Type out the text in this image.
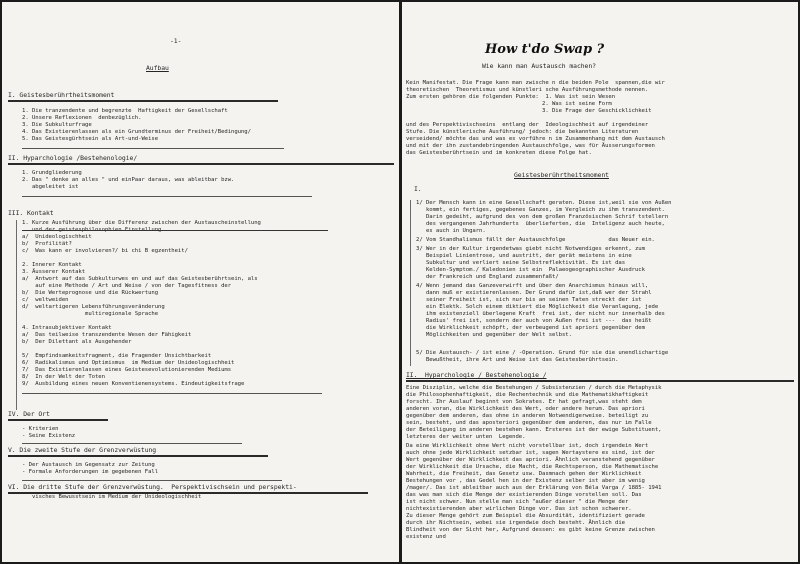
-1-
Aufbau
I. Geistesberührtheitsmoment
1. Die tranzendente und begrenzte  Haftigkeit der Gesellschaft
2. Unsere Reflexionen  denbezüglich.
3. Die Subkulturfrage
4. Das Existierenlassen als ein Grundterminus der Freiheit/Bedingung/
5. Das Geistesgürhtsein als Art-und-Weise
II. Hyparchologie /Bestehenologie/
1. Grundgliederung
2. Das " denke an alles " und einPaar daraus, was ableitbar bzw.
abgeleitet ist
III. Kontakt
1. Kurze Ausführung über die Differenz zwischen der Austauscheinstellung
a/  Unideologischheit
b/  Profilität?
c/  Was kann er involvieren?/ bi chi B egzentheit/
2. Innerer Kontakt
3. Äusserer Kontakt
a/  Antwort auf das Subkulturwes en und auf das Geistesberührtsein, als
auf eine Methode / Art und Weise / von der Tagesfitness der
b/  Die Werteprognose und die Rückwertung
c/  weltweiden
d/  weltartigeren Lebensführungsveränderung
multiregionale Sprache
4. Intrasubjektiver Kontakt
a/  Das teilweise transzendente Wesen der Fähigkeit
b/  Der Dilettant als Ausgehender
5/  Empfindsamkeitsfragment, die Fragender Unsichtbarkeit
6/  Radikalismus und Optimismus  im Medium der Unideologischheit
7/  Das Existierenlassen eines Geistesevolutionierenden Mediums
8/  In der Welt der Toten
9/  Ausbildung eines neuen Konventienensystems. Eindeutigkeitsfrage
IV. Der Ort
- Kriterien
- Seine Existenz
V. Die zweite Stufe der Grenzverwüstung
- Der Austausch im Gegensatz zur Zeitung
- Formale Anforderungen im gegebenen Fall
VI. Die dritte Stufe der Grenzverwüstung.  Perspektivischsein und perspekti-
visches Bewusstsein im Medium der Unideologischheit
How t'do Swap ?
Wie kann man Austausch machen?
Kein Manifestat. Die Frage kann man zwische n die beiden Pole  spannen,die wir
theoretischen  Theoretismus und künstleri sche Ausführungsmethode nennen.
Zum ersten gehören die folgenden Punkte:  1. Was ist sein Wesen
2. Was ist seine Form
3. Die Frage der Geschicklichkeit
und des Perspektivischseins  entlang der  Ideologischheit auf irgendeiner
Stufe. Die künstlerische Ausführung/ jedoch: die bekannten Literaturen
verseidend/ möchte das und was es vorführe n im Zusammenhang mit dem Austausch
und mit der ihn zustandebringenden Austauschfolge, was für Äusserungsformen
das Geistesberührtsein und im konkreten diese Folge hat.
Geistesberührtheitsmoment
I.
1/ Der Mensch kann in eine Gesellschaft geraten. Diese ist,weil sie von Außen
kommt, ein fertiges, gegebenes Ganzes, im Vergleich zu ihm transzendent.
Darin gedeiht, aufgrund des von dem großen Französischen Schrif tstellern
des vergangenen Jahrhunderts  überlieferten, die  Inteligenz auch heute,
es auch in Ungarn.
2/ Vom Standhalismus fällt der Austauschfolge             das Neuer ein.
3/ Wer in der Kultur irgendetwas giebt nicht Notwendiges erkennt, zum
Beispiel Linientrose, und austritt, der gerät meistens in eine
Subkultur und verliert seine Selbstreflektivität. Es ist das
Kelden-Symptom./ Kaledonien ist ein  Palaeogeographischer Ausdruck
der Frankreich und England zusammenfaßt/
4/ Wenn jemand das Ganzeverwirft und über den Anarchismus hinaus will,
dann muß er existierenlassen. Der Grund dafür ist,daß wer der Strahl
seiner Freiheit ist, sich nur bis an seinen Taten streckt der ist
ein Elektk. Solch einem diktiert die Möglichkeit die Veranlagung, jede
ihm existenziell überlegene Kraft  frei ist, der nicht nur innerhalb des
Radius' frei ist, sondern der auch von Außen frei ist ---  das heißt
die Wirklichkeit schöpft, der verbeugend ist apriori gegenüber dem
Möglichkeiten und gegenüber der Welt selbst.
5/ Die Austausch- / ist eine / -Operation. Grund für sie die unendlichartige
Bewußtheit, ihre Art und Weise ist das Geistesberührtsein.
II.  Hyparchologie / Bestehenologie /
Eine Disziplin, welche die Bestehungen / Subsistenzien / durch die Metaphysik
die Philosophenhaftigkeit, die Rechentechnik und die Mathematikhaftigkeit
forscht. Ihr Auslauf beginnt von Sokrates. Er hat gefragt,was steht dem
anderen voran, die Wirklichkeit des Wert, oder andere herum. Das apriori
gegenüber dem anderen, das ohne in anderen Notwendigerweise. beteiligt zu
sein, besteht, und das aposteriori gegenüber dem anderen, das nur im Falle
der Beteiligung im anderen bestehen kann. Ersteres ist der ewige Substituent,
letzteres der weiter unten  Legende.
Da eine Wirklichkeit ohne Wert nicht vorstellbar ist, doch irgendein Wert
auch ohne jede Wirklichkeit setzbar ist, sagen Wertaystere es sind, ist der
Wert gegenüber der Wirklichkeit das apriori. Ähnlich veranstehend gegenüber
der Wirklichkeit die Ursache, die Macht, die Rechtsperson, die Mathematische
Wahrheit, die Freiheit, das Gesetz usw. Dasmnach gehen der Wirklichkeit
Bestehungen vor , das Gedel hen in der Existenz selber ist aber im wenig
/mager/. Das ist ableitbar auch aus der Erklärung von Béla Varga / 1885- 1941
das was man sich die Menge der existierenden Dinge vorstellen soll. Das
ist nicht schwer. Nun stelle man sich "außer dieser " die Menge der
nichtexistierenden aber wirlichen Dinge vor. Das ist schon schwerer.
Zu dieser Menge gehört zum Beispiel die Absurdität, identifiziert gerade
durch ihr Nichtsein, wobei sie irgendwie doch besteht. Ähnlich die
Blindheit von der Sicht her, Aufgrund dessen: es gibt keine Grenze zwischen
existenz und
